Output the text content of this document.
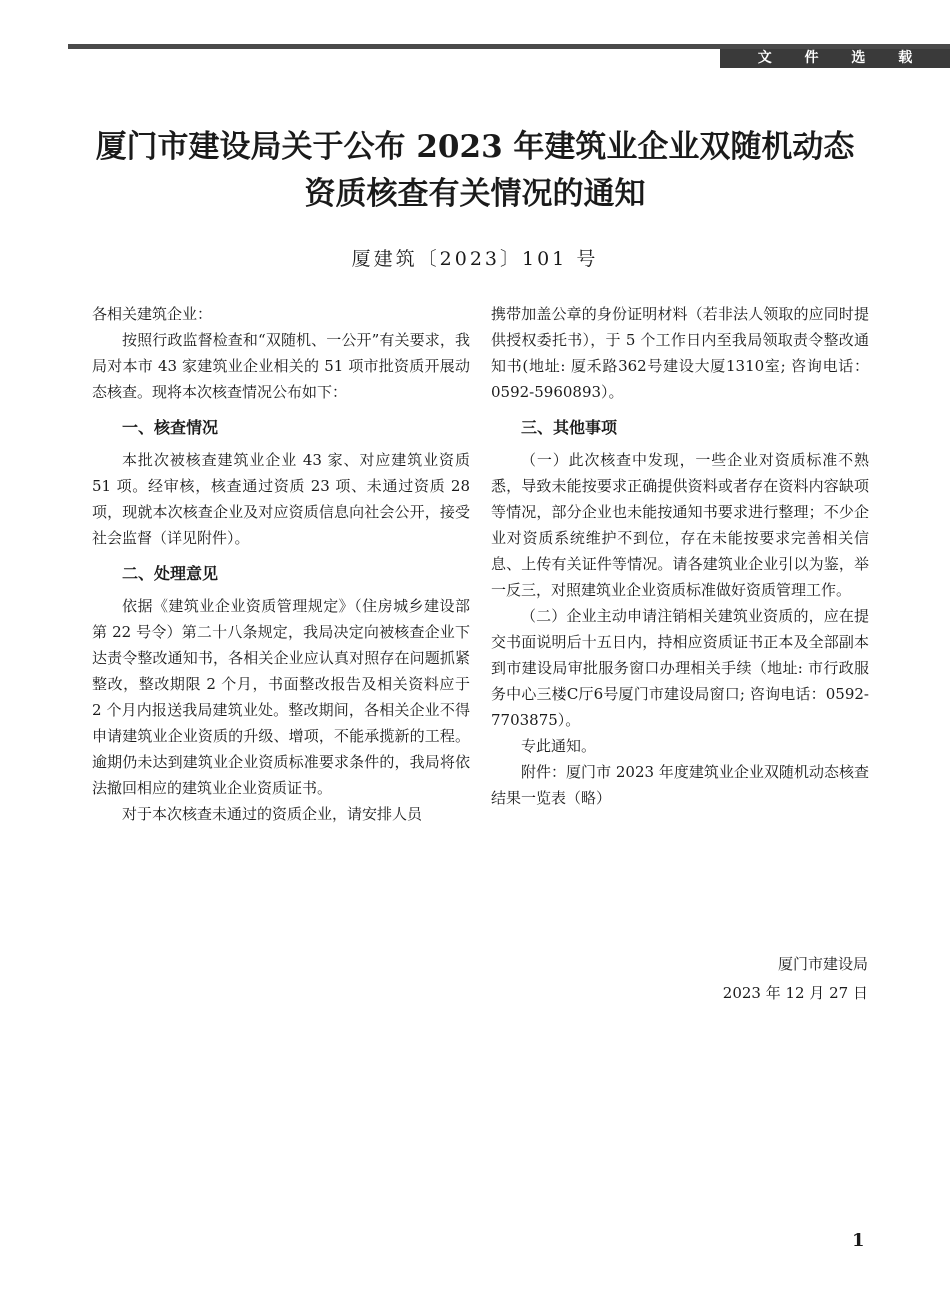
文 件 选 载
厦门市建设局关于公布 2023 年建筑业企业双随机动态
资质核查有关情况的通知
厦建筑〔2023〕101 号

各相关建筑企业：

按照行政监督检查和“双随机、一公开”有关要求，我局对本市 43 家建筑业企业相关的 51 项市批资质开展动态核查。现将本次核查情况公布如下：

一、核查情况

本批次被核查建筑业企业 43 家、对应建筑业资质 51 项。经审核，核查通过资质 23 项、未通过资质 28 项，现就本次核查企业及对应资质信息向社会公开，接受社会监督（详见附件）。

二、处理意见

依据《建筑业企业资质管理规定》（住房城乡建设部第 22 号令）第二十八条规定，我局决定向被核查企业下达责令整改通知书，各相关企业应认真对照存在问题抓紧整改，整改期限 2 个月，书面整改报告及相关资料应于 2 个月内报送我局建筑业处。整改期间，各相关企业不得申请建筑业企业资质的升级、增项，不能承揽新的工程。逾期仍未达到建筑业企业资质标准要求条件的，我局将依法撤回相应的建筑业企业资质证书。

对于本次核查未通过的资质企业，请安排人员

携带加盖公章的身份证明材料（若非法人领取的应同时提供授权委托书），于 5 个工作日内至我局领取责令整改通知书(地址: 厦禾路362号建设大厦1310室; 咨询电话：0592-5960893）。

三、其他事项

（一）此次核查中发现，一些企业对资质标准不熟悉，导致未能按要求正确提供资料或者存在资料内容缺项等情况，部分企业也未能按通知书要求进行整理；不少企业对资质系统维护不到位，存在未能按要求完善相关信息、上传有关证件等情况。请各建筑业企业引以为鉴，举一反三，对照建筑业企业资质标准做好资质管理工作。

（二）企业主动申请注销相关建筑业资质的，应在提交书面说明后十五日内，持相应资质证书正本及全部副本到市建设局审批服务窗口办理相关手续（地址: 市行政服务中心三楼C厅6号厦门市建设局窗口; 咨询电话：0592-7703875）。

专此通知。

附件：厦门市 2023 年度建筑业企业双随机动态核查结果一览表（略）

厦门市建设局
2023 年 12 月 27 日
1
